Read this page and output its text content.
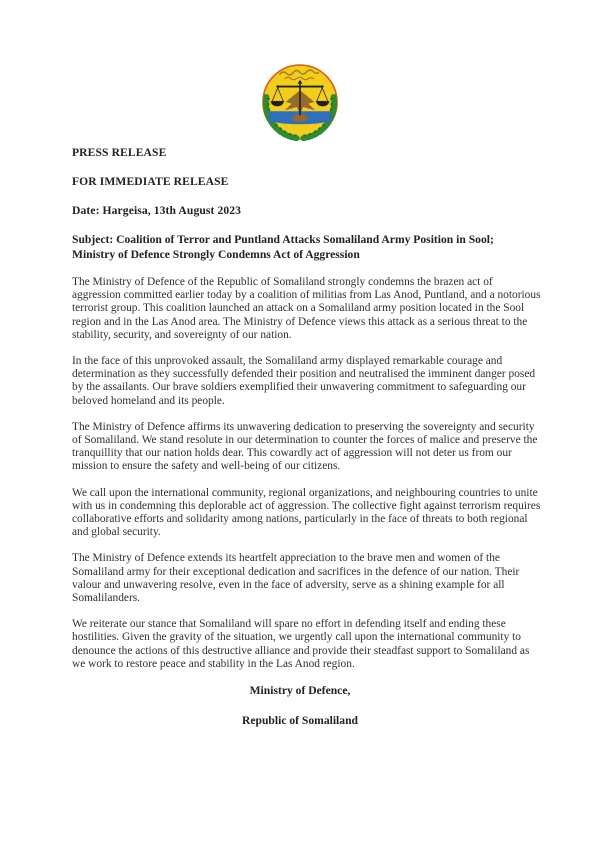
PRESS RELEASE
FOR IMMEDIATE RELEASE
Date: Hargeisa, 13th August 2023
Subject: Coalition of Terror and Puntland Attacks Somaliland Army Position in Sool;
Ministry of Defence Strongly Condemns Act of Aggression

The Ministry of Defence of the Republic of Somaliland strongly condemns the brazen act of aggression committed earlier today by a coalition of militias from Las Anod, Puntland, and a notorious terrorist group. This coalition launched an attack on a Somaliland army position located in the Sool region and in the Las Anod area. The Ministry of Defence views this attack as a serious threat to the stability, security, and sovereignty of our nation.

In the face of this unprovoked assault, the Somaliland army displayed remarkable courage and determination as they successfully defended their position and neutralised the imminent danger posed by the assailants. Our brave soldiers exemplified their unwavering commitment to safeguarding our beloved homeland and its people.

The Ministry of Defence affirms its unwavering dedication to preserving the sovereignty and security of Somaliland. We stand resolute in our determination to counter the forces of malice and preserve the tranquillity that our nation holds dear. This cowardly act of aggression will not deter us from our mission to ensure the safety and well-being of our citizens.

We call upon the international community, regional organizations, and neighbouring countries to unite with us in condemning this deplorable act of aggression. The collective fight against terrorism requires collaborative efforts and solidarity among nations, particularly in the face of threats to both regional and global security.

The Ministry of Defence extends its heartfelt appreciation to the brave men and women of the Somaliland army for their exceptional dedication and sacrifices in the defence of our nation. Their valour and unwavering resolve, even in the face of adversity, serve as a shining example for all Somalilanders.

We reiterate our stance that Somaliland will spare no effort in defending itself and ending these hostilities. Given the gravity of the situation, we urgently call upon the international community to denounce the actions of this destructive alliance and provide their steadfast support to Somaliland as we work to restore peace and stability in the Las Anod region.

Ministry of Defence,
Republic of Somaliland
